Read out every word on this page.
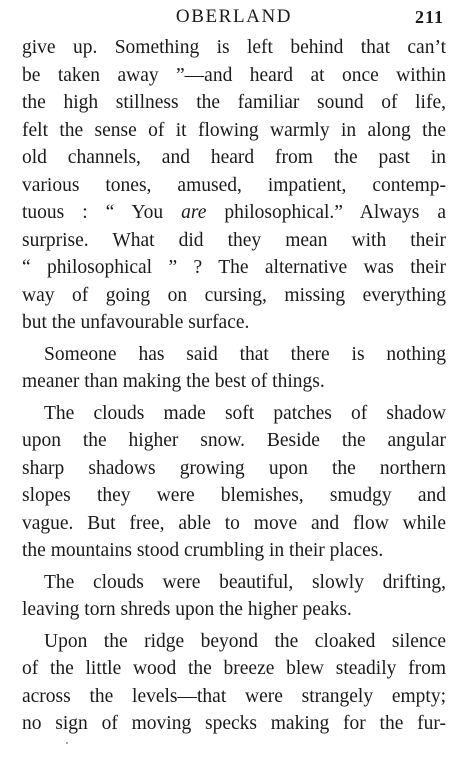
OBERLAND	211
give up. Something is left behind that can’t
be taken away ”—and heard at once within
the high stillness the familiar sound of life,
felt the sense of it flowing warmly in along the
old channels, and heard from the past in
various tones, amused, impatient, contemp-
tuous : “ You are philosophical.” Always a
surprise. What did they mean with their
“ philosophical ” ? The alternative was their
way of going on cursing, missing everything
but the unfavourable surface.
Someone has said that there is nothing
meaner than making the best of things.
The clouds made soft patches of shadow
upon the higher snow. Beside the angular
sharp shadows growing upon the northern
slopes they were blemishes, smudgy and
vague. But free, able to move and flow while
the mountains stood crumbling in their places.
The clouds were beautiful, slowly drifting,
leaving torn shreds upon the higher peaks.
Upon the ridge beyond the cloaked silence
of the little wood the breeze blew steadily from
across the levels—that were strangely empty;
no sign of moving specks making for the fur-
